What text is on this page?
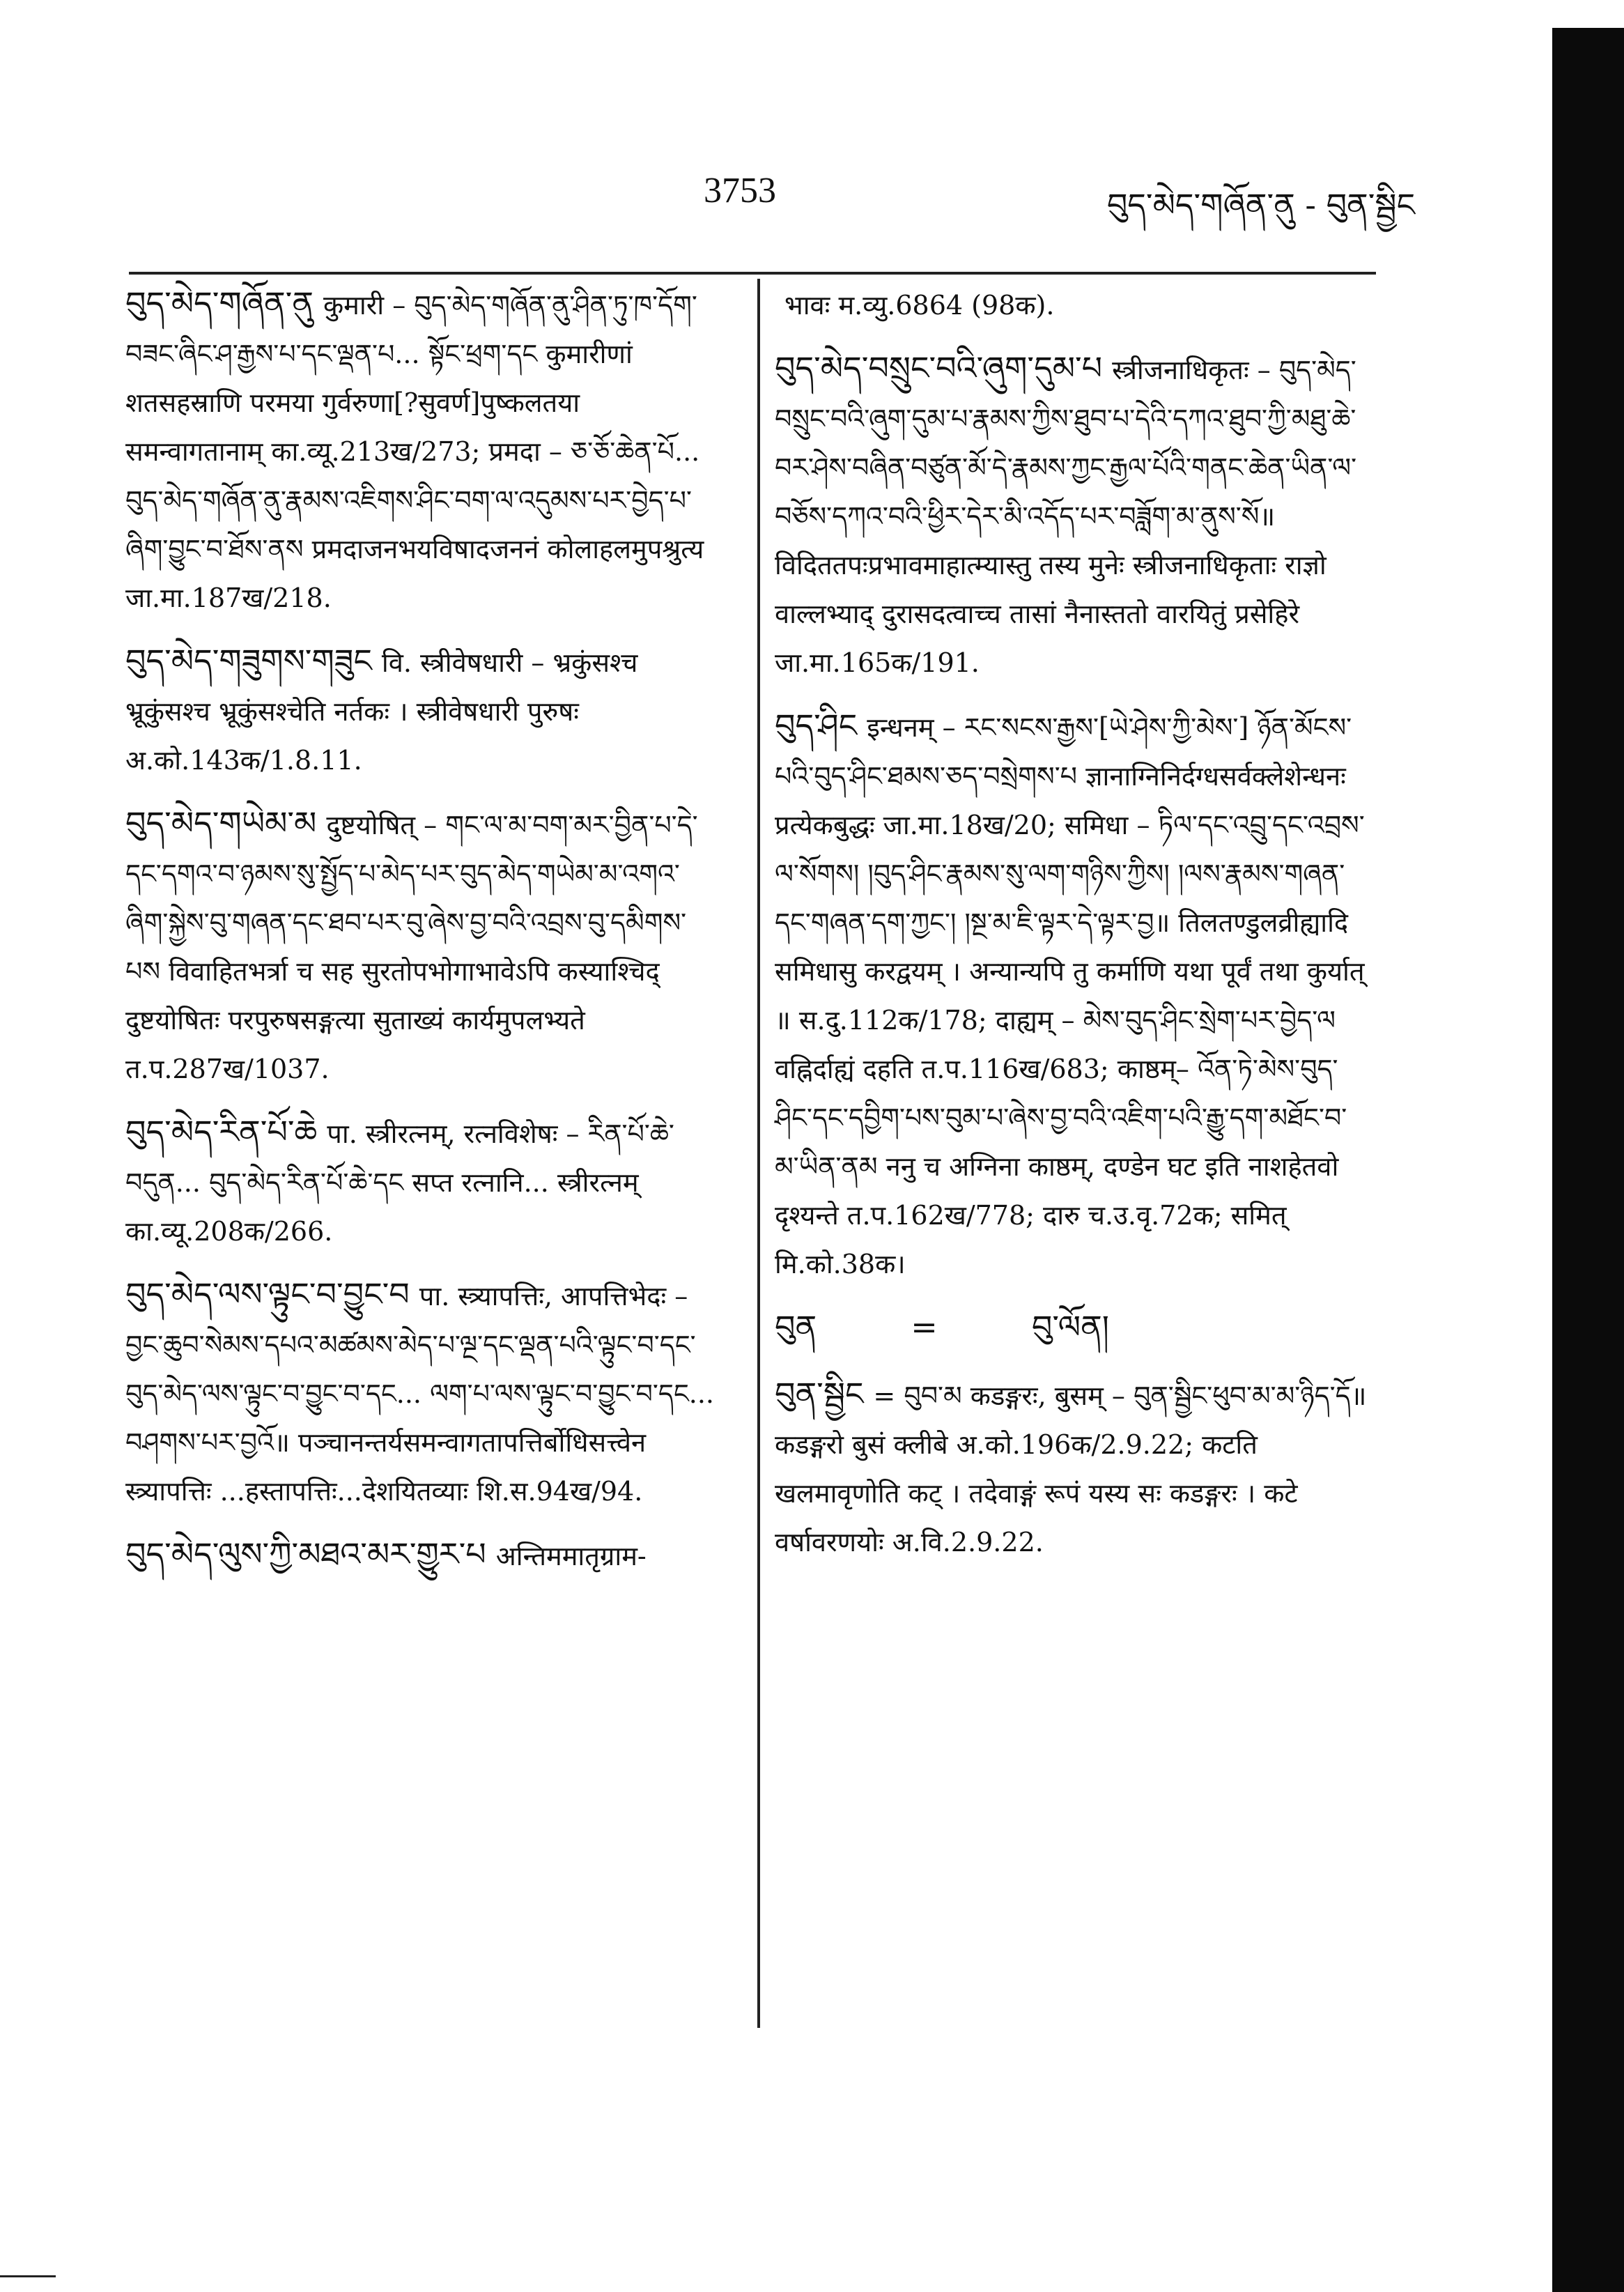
3753	བུད་མེད་གཞོན་ནུ - བུན་སྦྱིང
བུད་མེད་གཞོན་ནུ कुमारी – བུད་མེད་གཞོན་ནུ་ཤིན་ཏུ་ཁ་དོག་བཟང་ཞིང་ཤ་རྒྱས་པ་དང་ལྡན་པ... སྟོང་ཕྲག་དང कुमारीणां शतसहस्राणि परमया गुर्वरुणा[?सुवर्ण]पुष्कलतया समन्वागतानाम् का.व्यू.213ख/273; प्रमदा – ཅ་ཅོ་ཆེན་པོ... བུད་མེད་གཞོན་ནུ་རྣམས་འཇིགས་ཤིང་བག་ལ་འདུམས་པར་བྱེད་པ་ཞིག་བྱུང་བ་ཐོས་ནས प्रमदाजनभयविषादजननं कोलाहलमुपश्रुत्य जा.मा.187ख/218.
བུད་མེད་གཟུགས་གཟུང वि. स्त्रीवेषधारी – भ्रकुंसश्च भ्रूकुंसश्च भ्रूकुंसश्चेति नर्तकः । स्त्रीवेषधारी पुरुषः अ.को.143क/1.8.11.
བུད་མེད་གཡེམ་མ दुष्टयोषित् – གང་ལ་མ་བག་མར་བྱིན་པ་དེ་དང་དགའ་བ་ཉམས་སུ་སྤྱོད་པ་མེད་པར་བུད་མེད་གཡེམ་མ་འགའ་ཞིག་སྐྱེས་བུ་གཞན་དང་ཐབ་པར་བུ་ཞེས་བྱ་བའི་འབྲས་བུ་དམིགས་པས विवाहितभर्त्रा च सह सुरतोपभोगाभावेऽपि कस्याश्चिद् दुष्टयोषितः परपुरुषसङ्गत्या सुताख्यं कार्यमुपलभ्यते त.प.287ख/1037.
བུད་མེད་རིན་པོ་ཆེ पा. स्त्रीरत्नम्, रत्नविशेषः – རིན་པོ་ཆེ་བདུན... བུད་མེད་རིན་པོ་ཆེ་དང सप्त रत्नानि... स्त्रीरत्नम् का.व्यू.208क/266.
བུད་མེད་ལས་ལྟུང་བ་བྱུང་བ पा. स्त्र्यापत्तिः, आपत्तिभेदः – བྱང་ཆུབ་སེམས་དཔའ་མཚམས་མེད་པ་ལྔ་དང་ལྡན་པའི་ལྟུང་བ་དང་བུད་མེད་ལས་ལྟུང་བ་བྱུང་བ་དང... ལག་པ་ལས་ལྟུང་བ་བྱུང་བ་དང... བཤགས་པར་བྱའོ॥ पञ्चानन्तर्यसमन्वागतापत्तिर्बोधिसत्त्वेन स्त्र्यापत्तिः ...हस्तापत्तिः...देशयितव्याः शि.स.94ख/94.
བུད་མེད་ལུས་ཀྱི་མཐའ་མར་གྱུར་པ अन्तिममातृग्राम-
भावः म.व्यु.6864 (98क).
བུད་མེད་བསྲུང་བའི་ཞུག་དུམ་པ स्त्रीजनाधिकृतः – བུད་མེད་བསྲུང་བའི་ཞུག་དུམ་པ་རྣམས་ཀྱིས་ཐུབ་པ་དེའི་དཀའ་ཐུབ་ཀྱི་མཐུ་ཆེ་བར་ཤེས་བཞིན་བཙུན་མོ་དེ་རྣམས་ཀྱང་རྒྱལ་པོའི་གནང་ཆེན་ཡིན་ལ་བཅོས་དཀའ་བའི་ཕྱིར་དེར་མི་འདོད་པར་བཟློག་མ་ནུས་སོ॥ विदिततपःप्रभावमाहात्म्यास्तु तस्य मुनेः स्त्रीजनाधिकृताः राज्ञो वाल्लभ्याद् दुरासदत्वाच्च तासां नैनास्ततो वारयितुं प्रसेहिरे जा.मा.165क/191.
བུད་ཤིང इन्धनम् – རང་སངས་རྒྱས་[ཡེ་ཤེས་ཀྱི་མེས་] ཉོན་མོངས་པའི་བུད་ཤིང་ཐམས་ཅད་བསྲེགས་པ ज्ञानाग्निनिर्दग्धसर्वक्लेशेन्धनः प्रत्येकबुद्धः जा.मा.18ख/20; समिधा – ཏིལ་དང་འབྲུ་དང་འབྲས་ལ་སོགས། །བུད་ཤིང་རྣམས་སུ་ལག་གཉིས་ཀྱིས། །ལས་རྣམས་གཞན་དང་གཞན་དག་ཀྱང་། །སྔ་མ་ཇི་ལྟར་དེ་ལྟར་བྱ॥ तिलतण्डुलव्रीह्यादि समिधासु करद्वयम् । अन्यान्यपि तु कर्माणि यथा पूर्वं तथा कुर्यात् ॥ स.दु.112क/178; दाह्यम् – མེས་བུད་ཤིང་སྲེག་པར་བྱེད་ལ वह्निर्दाह्यं दहति त.प.116ख/683; काष्ठम्– འོན་ཏེ་མེས་བུད་ཤིང་དང་དབྱིག་པས་བུམ་པ་ཞེས་བྱ་བའི་འཇིག་པའི་རྒྱུ་དག་མཐོང་བ་མ་ཡིན་ནམ ननु च अग्निना काष्ठम्, दण्डेन घट इति नाशहेतवो दृश्यन्ते त.प.162ख/778; दारु च.उ.वृ.72क; समित् मि.को.38क।
བུན	=	བུ་ལོན།
བུན་སྦྱིང = བུབ་མ कडङ्गरः, बुसम् – བུན་སྦྱིང་ཕུབ་མ་མ་ཉིད་དོ॥ कडङ्गरो बुसं क्लीबे अ.को.196क/2.9.22; कटति खलमावृणोति कट् । तदेवाङ्गं रूपं यस्य सः कडङ्गरः । कटे वर्षावरणयोः अ.वि.2.9.22.
